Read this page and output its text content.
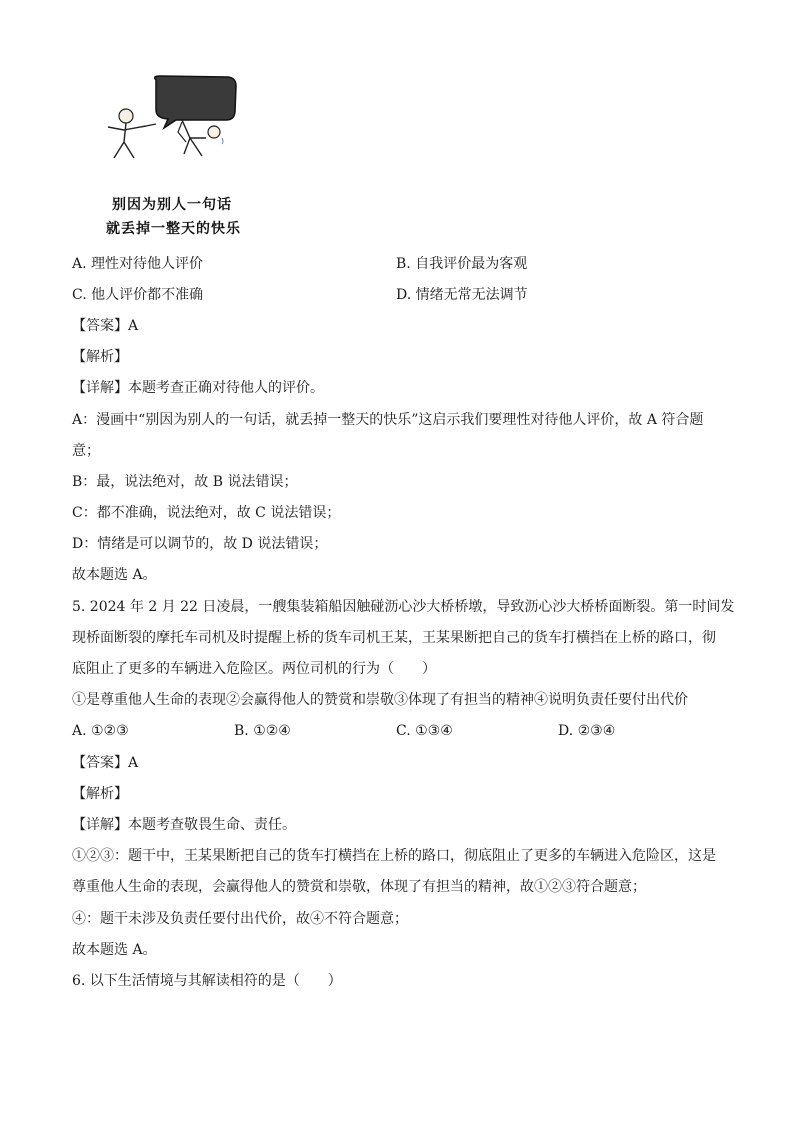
别因为别人一句话
就丢掉一整天的快乐
A. 理性对待他人评价	B. 自我评价最为客观
C. 他人评价都不准确	D. 情绪无常无法调节
【答案】A
【解析】
【详解】本题考查正确对待他人的评价。
A：漫画中“别因为别人的一句话，就丢掉一整天的快乐”这启示我们要理性对待他人评价，故 A 符合题
意；
B：最，说法绝对，故 B 说法错误；
C：都不准确，说法绝对，故 C 说法错误；
D：情绪是可以调节的，故 D 说法错误；
故本题选 A。
5. 2024 年 2 月 22 日凌晨，一艘集装箱船因触碰沥心沙大桥桥墩，导致沥心沙大桥桥面断裂。第一时间发
现桥面断裂的摩托车司机及时提醒上桥的货车司机王某，王某果断把自己的货车打横挡在上桥的路口，彻
底阻止了更多的车辆进入危险区。两位司机的行为（　　）
①是尊重他人生命的表现②会赢得他人的赞赏和崇敬③体现了有担当的精神④说明负责任要付出代价
A. ①②③	B. ①②④	C. ①③④	D. ②③④
【答案】A
【解析】
【详解】本题考查敬畏生命、责任。
①②③：题干中，王某果断把自己的货车打横挡在上桥的路口，彻底阻止了更多的车辆进入危险区，这是
尊重他人生命的表现，会赢得他人的赞赏和崇敬，体现了有担当的精神，故①②③符合题意；
④：题干未涉及负责任要付出代价，故④不符合题意；
故本题选 A。
6. 以下生活情境与其解读相符的是（　　）
